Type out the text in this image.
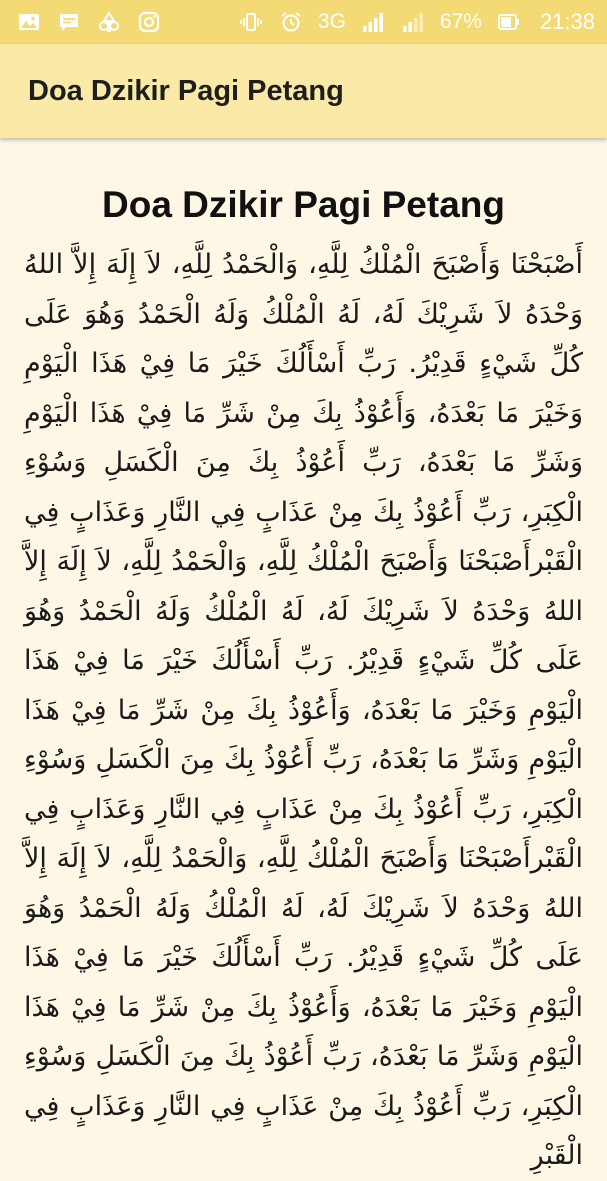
3G	67%	21:38
Doa Dzikir Pagi Petang
Doa Dzikir Pagi Petang

أَصْبَحْنَا وَأَصْبَحَ الْمُلْكُ لِلَّهِ، وَالْحَمْدُ لِلَّهِ، لاَ إِلَهَ إِلاَّ اللهُ وَحْدَهُ لاَ شَرِيْكَ لَهُ، لَهُ الْمُلْكُ وَلَهُ الْحَمْدُ وَهُوَ عَلَى كُلِّ شَيْءٍ قَدِيْرُ. رَبِّ أَسْأَلُكَ خَيْرَ مَا فِيْ هَذَا الْيَوْمِ وَخَيْرَ مَا بَعْدَهُ، وَأَعُوْذُ بِكَ مِنْ شَرِّ مَا فِيْ هَذَا الْيَوْمِ وَشَرِّ مَا بَعْدَهُ، رَبِّ أَعُوْذُ بِكَ مِنَ الْكَسَلِ وَسُوْءِ الْكِبَرِ، رَبِّ أَعُوْذُ بِكَ مِنْ عَذَابٍ فِي النَّارِ وَعَذَابٍ فِي الْقَبْرأَصْبَحْنَا وَأَصْبَحَ الْمُلْكُ لِلَّهِ، وَالْحَمْدُ لِلَّهِ، لاَ إِلَهَ إِلاَّ اللهُ وَحْدَهُ لاَ شَرِيْكَ لَهُ، لَهُ الْمُلْكُ وَلَهُ الْحَمْدُ وَهُوَ عَلَى كُلِّ شَيْءٍ قَدِيْرُ. رَبِّ أَسْأَلُكَ خَيْرَ مَا فِيْ هَذَا الْيَوْمِ وَخَيْرَ مَا بَعْدَهُ، وَأَعُوْذُ بِكَ مِنْ شَرِّ مَا فِيْ هَذَا الْيَوْمِ وَشَرِّ مَا بَعْدَهُ، رَبِّ أَعُوْذُ بِكَ مِنَ الْكَسَلِ وَسُوْءِ الْكِبَرِ، رَبِّ أَعُوْذُ بِكَ مِنْ عَذَابٍ فِي النَّارِ وَعَذَابٍ فِي الْقَبْرأَصْبَحْنَا وَأَصْبَحَ الْمُلْكُ لِلَّهِ، وَالْحَمْدُ لِلَّهِ، لاَ إِلَهَ إِلاَّ اللهُ وَحْدَهُ لاَ شَرِيْكَ لَهُ، لَهُ الْمُلْكُ وَلَهُ الْحَمْدُ وَهُوَ عَلَى كُلِّ شَيْءٍ قَدِيْرُ. رَبِّ أَسْأَلُكَ خَيْرَ مَا فِيْ هَذَا الْيَوْمِ وَخَيْرَ مَا بَعْدَهُ، وَأَعُوْذُ بِكَ مِنْ شَرِّ مَا فِيْ هَذَا الْيَوْمِ وَشَرِّ مَا بَعْدَهُ، رَبِّ أَعُوْذُ بِكَ مِنَ الْكَسَلِ وَسُوْءِ الْكِبَرِ، رَبِّ أَعُوْذُ بِكَ مِنْ عَذَابٍ فِي النَّارِ وَعَذَابٍ فِي الْقَبْرِ
